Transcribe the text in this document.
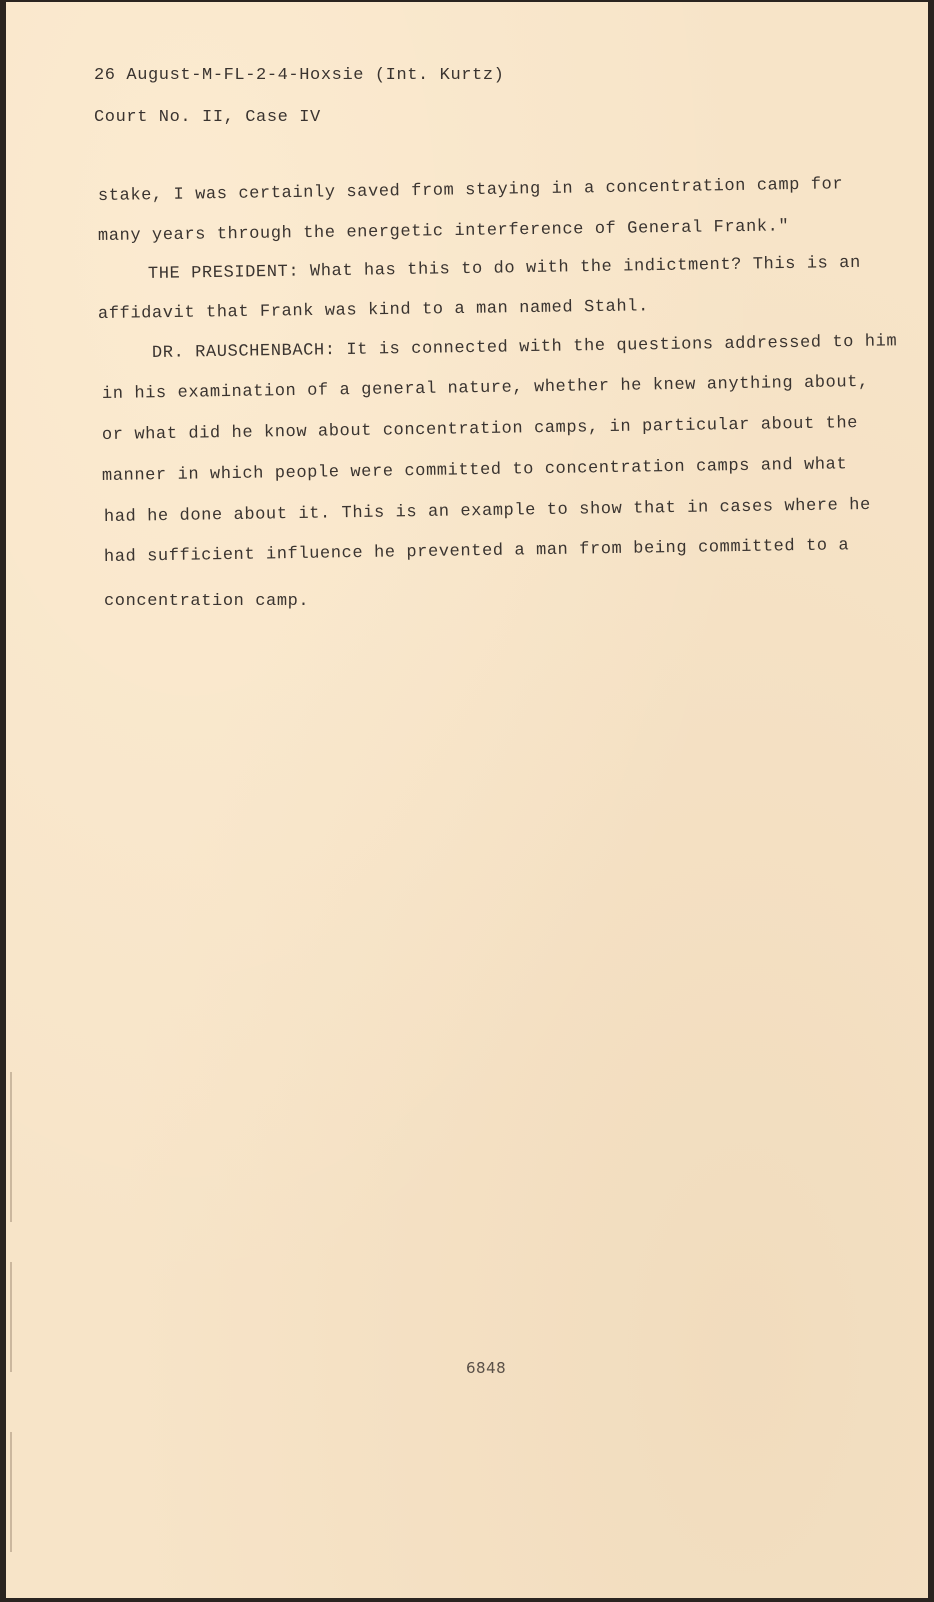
26 August-M-FL-2-4-Hoxsie (Int. Kurtz)
Court No. II, Case IV
stake, I was certainly saved from staying in a concentration camp for
many years through the energetic interference of General Frank."
THE PRESIDENT: What has this to do with the indictment? This is an
affidavit that Frank was kind to a man named Stahl.
DR. RAUSCHENBACH: It is connected with the questions addressed to him
in his examination of a general nature, whether he knew anything about,
or what did he know about concentration camps, in particular about the
manner in which people were committed to concentration camps and what
had he done about it. This is an example to show that in cases where he
had sufficient influence he prevented a man from being committed to a
concentration camp.
6848
